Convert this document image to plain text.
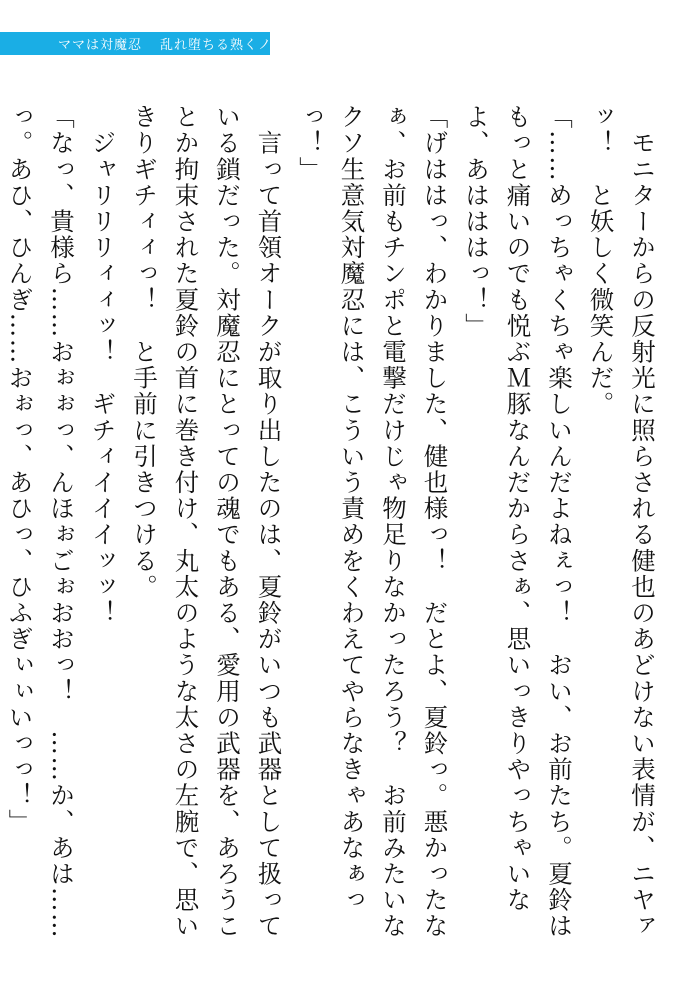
ママは対魔忍 乱れ堕ちる熟くノ一

　モニターからの反射光に照らされる健也のあどけない表情が、ニヤァッ！　と妖しく微笑んだ。

「……めっちゃくちゃ楽しいんだよねぇっ！　おい、お前たち。夏鈴はもっと痛いのでも悦ぶＭ豚なんだからさぁ、思いっきりやっちゃいなよ、あはははっ！」

「げははっ、わかりました、健也様っ！　だとよ、夏鈴っ。悪かったなぁ、お前もチンポと電撃だけじゃ物足りなかったろう？　お前みたいなクソ生意気対魔忍には、こういう責めをくわえてやらなきゃあなぁっっ！」

　言って首領オークが取り出したのは、夏鈴がいつも武器として扱っている鎖だった。対魔忍にとっての魂でもある、愛用の武器を、あろうことか拘束された夏鈴の首に巻き付け、丸太のような太さの左腕で、思いきりギチィィっ！　と手前に引きつける。

　ジャリリリィィッ！　ギチィイイイッッ！

「なっ、貴様ら……おぉぉっ、んほぉごぉおおっ！　……か、あは……っ。あひ、ひんぎ……おぉっ、あひっ、ひふぎぃぃいっっ！」
